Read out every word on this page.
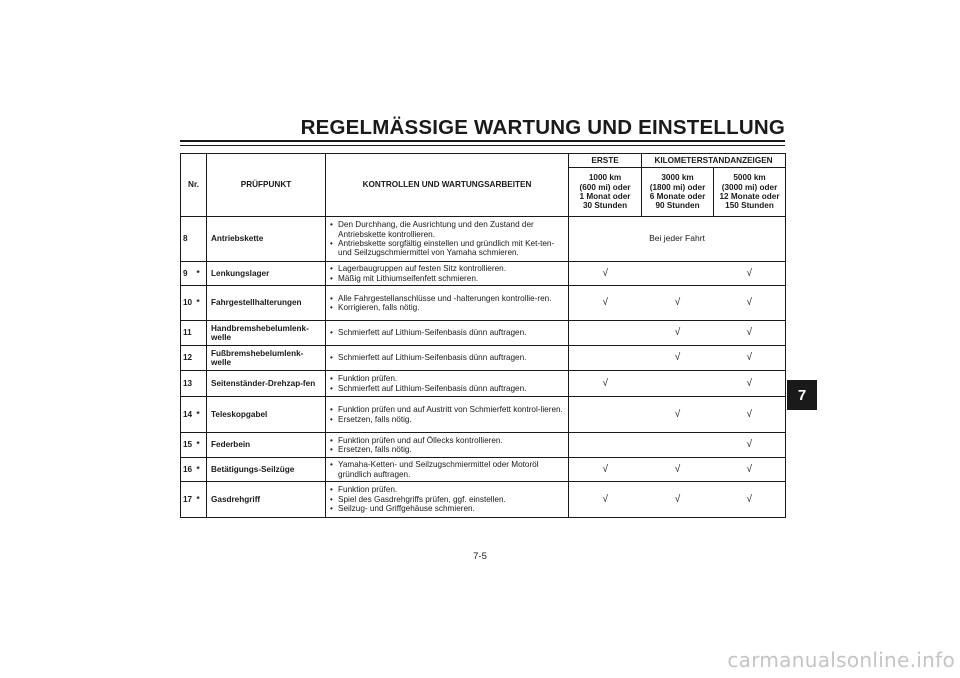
REGELMÄSSIGE WARTUNG UND EINSTELLUNG
Nr.		PRÜFPUNKT	KONTROLLEN UND WARTUNGSARBEITEN	ERSTE	KILOMETERSTANDANZEIGEN	
				1000 km
(600 mi) oder
1 Monat oder
30 Stunden	3000 km
(1800 mi) oder
6 Monate oder
90 Stunden	5000 km
(3000 mi) oder
12 Monate oder
150 Stunden
8		Antriebskette	• Den Durchhang, die Ausrichtung und den Zustand der Antriebskette kontrollieren.
• Antriebskette sorgfältig einstellen und gründlich mit Ket-ten- und Seilzugschmiermittel von Yamaha schmieren.	Bei jeder Fahrt		
9	*	Lenkungslager	• Lagerbaugruppen auf festen Sitz kontrollieren.
• Mäßig mit Lithiumseifenfett schmieren.	√		√
10	*	Fahrgestellhalterungen	• Alle Fahrgestellanschlüsse und -halterungen kontrollie-ren.
• Korrigieren, falls nötig.	√	√	√
11		Handbremshebelumlenk-welle	• Schmierfett auf Lithium-Seifenbasis dünn auftragen.		√	√
12		Fußbremshebelumlenk-welle	• Schmierfett auf Lithium-Seifenbasis dünn auftragen.		√	√
13		Seitenständer-Drehzap-fen	• Funktion prüfen.
• Schmierfett auf Lithium-Seifenbasis dünn auftragen.	√		√
14	*	Teleskopgabel	• Funktion prüfen und auf Austritt von Schmierfett kontrol-lieren.
• Ersetzen, falls nötig.		√	√
15	*	Federbein	• Funktion prüfen und auf Öllecks kontrollieren.
• Ersetzen, falls nötig.			√
16	*	Betätigungs-Seilzüge	• Yamaha-Ketten- und Seilzugschmiermittel oder Motoröl gründlich auftragen.	√	√	√
17	*	Gasdrehgriff	• Funktion prüfen.
• Spiel des Gasdrehgriffs prüfen, ggf. einstellen.
• Seilzug- und Griffgehäuse schmieren.	√	√	√
7
7-5
carmanualsonline.info
